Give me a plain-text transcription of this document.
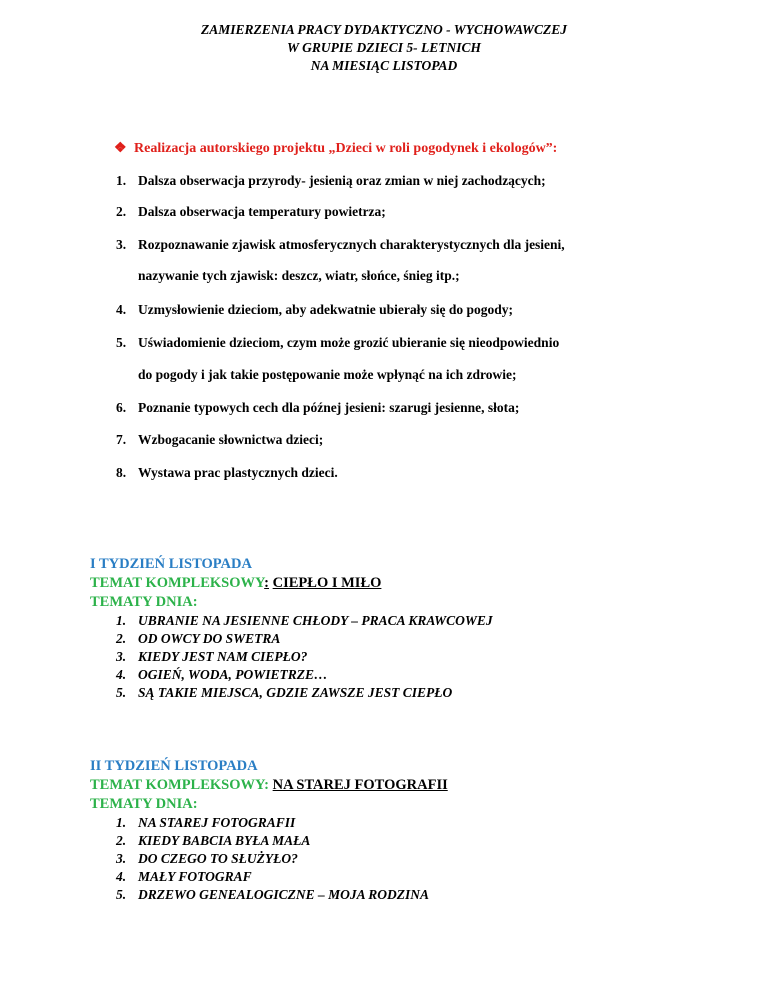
ZAMIERZENIA PRACY DYDAKTYCZNO - WYCHOWAWCZEJ
W GRUPIE DZIECI 5- LETNICH
NA MIESIĄC LISTOPAD
❖ Realizacja autorskiego projektu „Dzieci w roli pogodynek i ekologów”:
1. Dalsza obserwacja przyrody- jesienią oraz zmian w niej zachodzących;
2. Dalsza obserwacja temperatury powietrza;
3. Rozpoznawanie zjawisk atmosferycznych charakterystycznych dla jesieni,
nazywanie tych zjawisk: deszcz, wiatr, słońce, śnieg itp.;
4. Uzmysłowienie dzieciom, aby adekwatnie ubierały się do pogody;
5. Uświadomienie dzieciom, czym może grozić ubieranie się nieodpowiednio
do pogody i jak takie postępowanie może wpłynąć na ich zdrowie;
6. Poznanie typowych cech dla późnej jesieni: szarugi jesienne, słota;
7. Wzbogacanie słownictwa dzieci;
8. Wystawa prac plastycznych dzieci.
I TYDZIEŃ LISTOPADA
TEMAT KOMPLEKSOWY: CIEPŁO I MIŁO
TEMATY DNIA:
1. UBRANIE NA JESIENNE CHŁODY – PRACA KRAWCOWEJ
2. OD OWCY DO SWETRA
3. KIEDY JEST NAM CIEPŁO?
4. OGIEŃ, WODA, POWIETRZE…
5. SĄ TAKIE MIEJSCA, GDZIE ZAWSZE JEST CIEPŁO
II TYDZIEŃ LISTOPADA
TEMAT KOMPLEKSOWY: NA STAREJ FOTOGRAFII
TEMATY DNIA:
1. NA STAREJ FOTOGRAFII
2. KIEDY BABCIA BYŁA MAŁA
3. DO CZEGO TO SŁUŻYŁO?
4. MAŁY FOTOGRAF
5. DRZEWO GENEALOGICZNE – MOJA RODZINA
